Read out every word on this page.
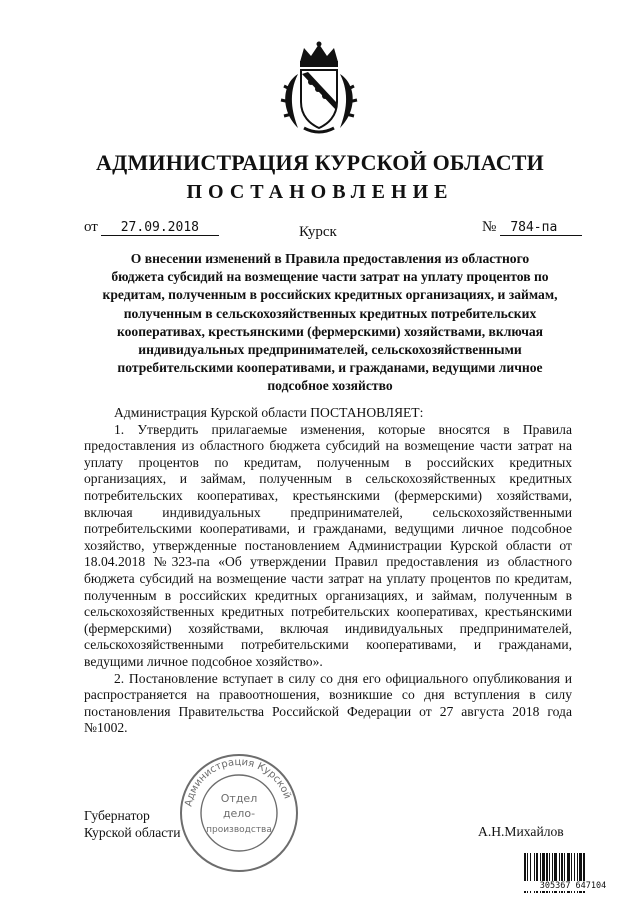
АДМИНИСТРАЦИЯ КУРСКОЙ ОБЛАСТИ
ПОСТАНОВЛЕНИЕ
от 27.09.2018	Курск	№ 784-па
О внесении изменений в Правила предоставления из областного
бюджета субсидий на возмещение части затрат на уплату процентов по
кредитам, полученным в российских кредитных организациях, и займам,
полученным в сельскохозяйственных кредитных потребительских
кооперативах, крестьянскими (фермерскими) хозяйствами, включая
индивидуальных предпринимателей, сельскохозяйственными
потребительскими кооперативами, и гражданами, ведущими личное
подсобное хозяйство

Администрация Курской области ПОСТАНОВЛЯЕТ:

1. Утвердить прилагаемые изменения, которые вносятся в Правила предоставления из областного бюджета субсидий на возмещение части затрат на уплату процентов по кредитам, полученным в российских кредитных организациях, и займам, полученным в сельскохозяйственных кредитных потребительских кооперативах, крестьянскими (фермерскими) хозяйствами, включая индивидуальных предпринимателей, сельскохозяйственными потребительскими кооперативами, и гражданами, ведущими личное подсобное хозяйство, утвержденные постановлением Администрации Курской области от 18.04.2018 №323-па «Об утверждении Правил предоставления из областного бюджета субсидий на возмещение части затрат на уплату процентов по кредитам, полученным в российских кредитных организациях, и займам, полученным в сельскохозяйственных кредитных потребительских кооперативах, крестьянскими (фермерскими) хозяйствами, включая индивидуальных предпринимателей, сельскохозяйственными потребительскими кооперативами, и гражданами, ведущими личное подсобное хозяйство».

2. Постановление вступает в силу со дня его официального опубликования и распространяется на правоотношения, возникшие со дня вступления в силу постановления Правительства Российской Федерации от 27 августа 2018 года №1002.

Губернатор
Курской области	А.Н.Михайлов
Администрация Курской
Отдел
дело-
производства
305367 647104
